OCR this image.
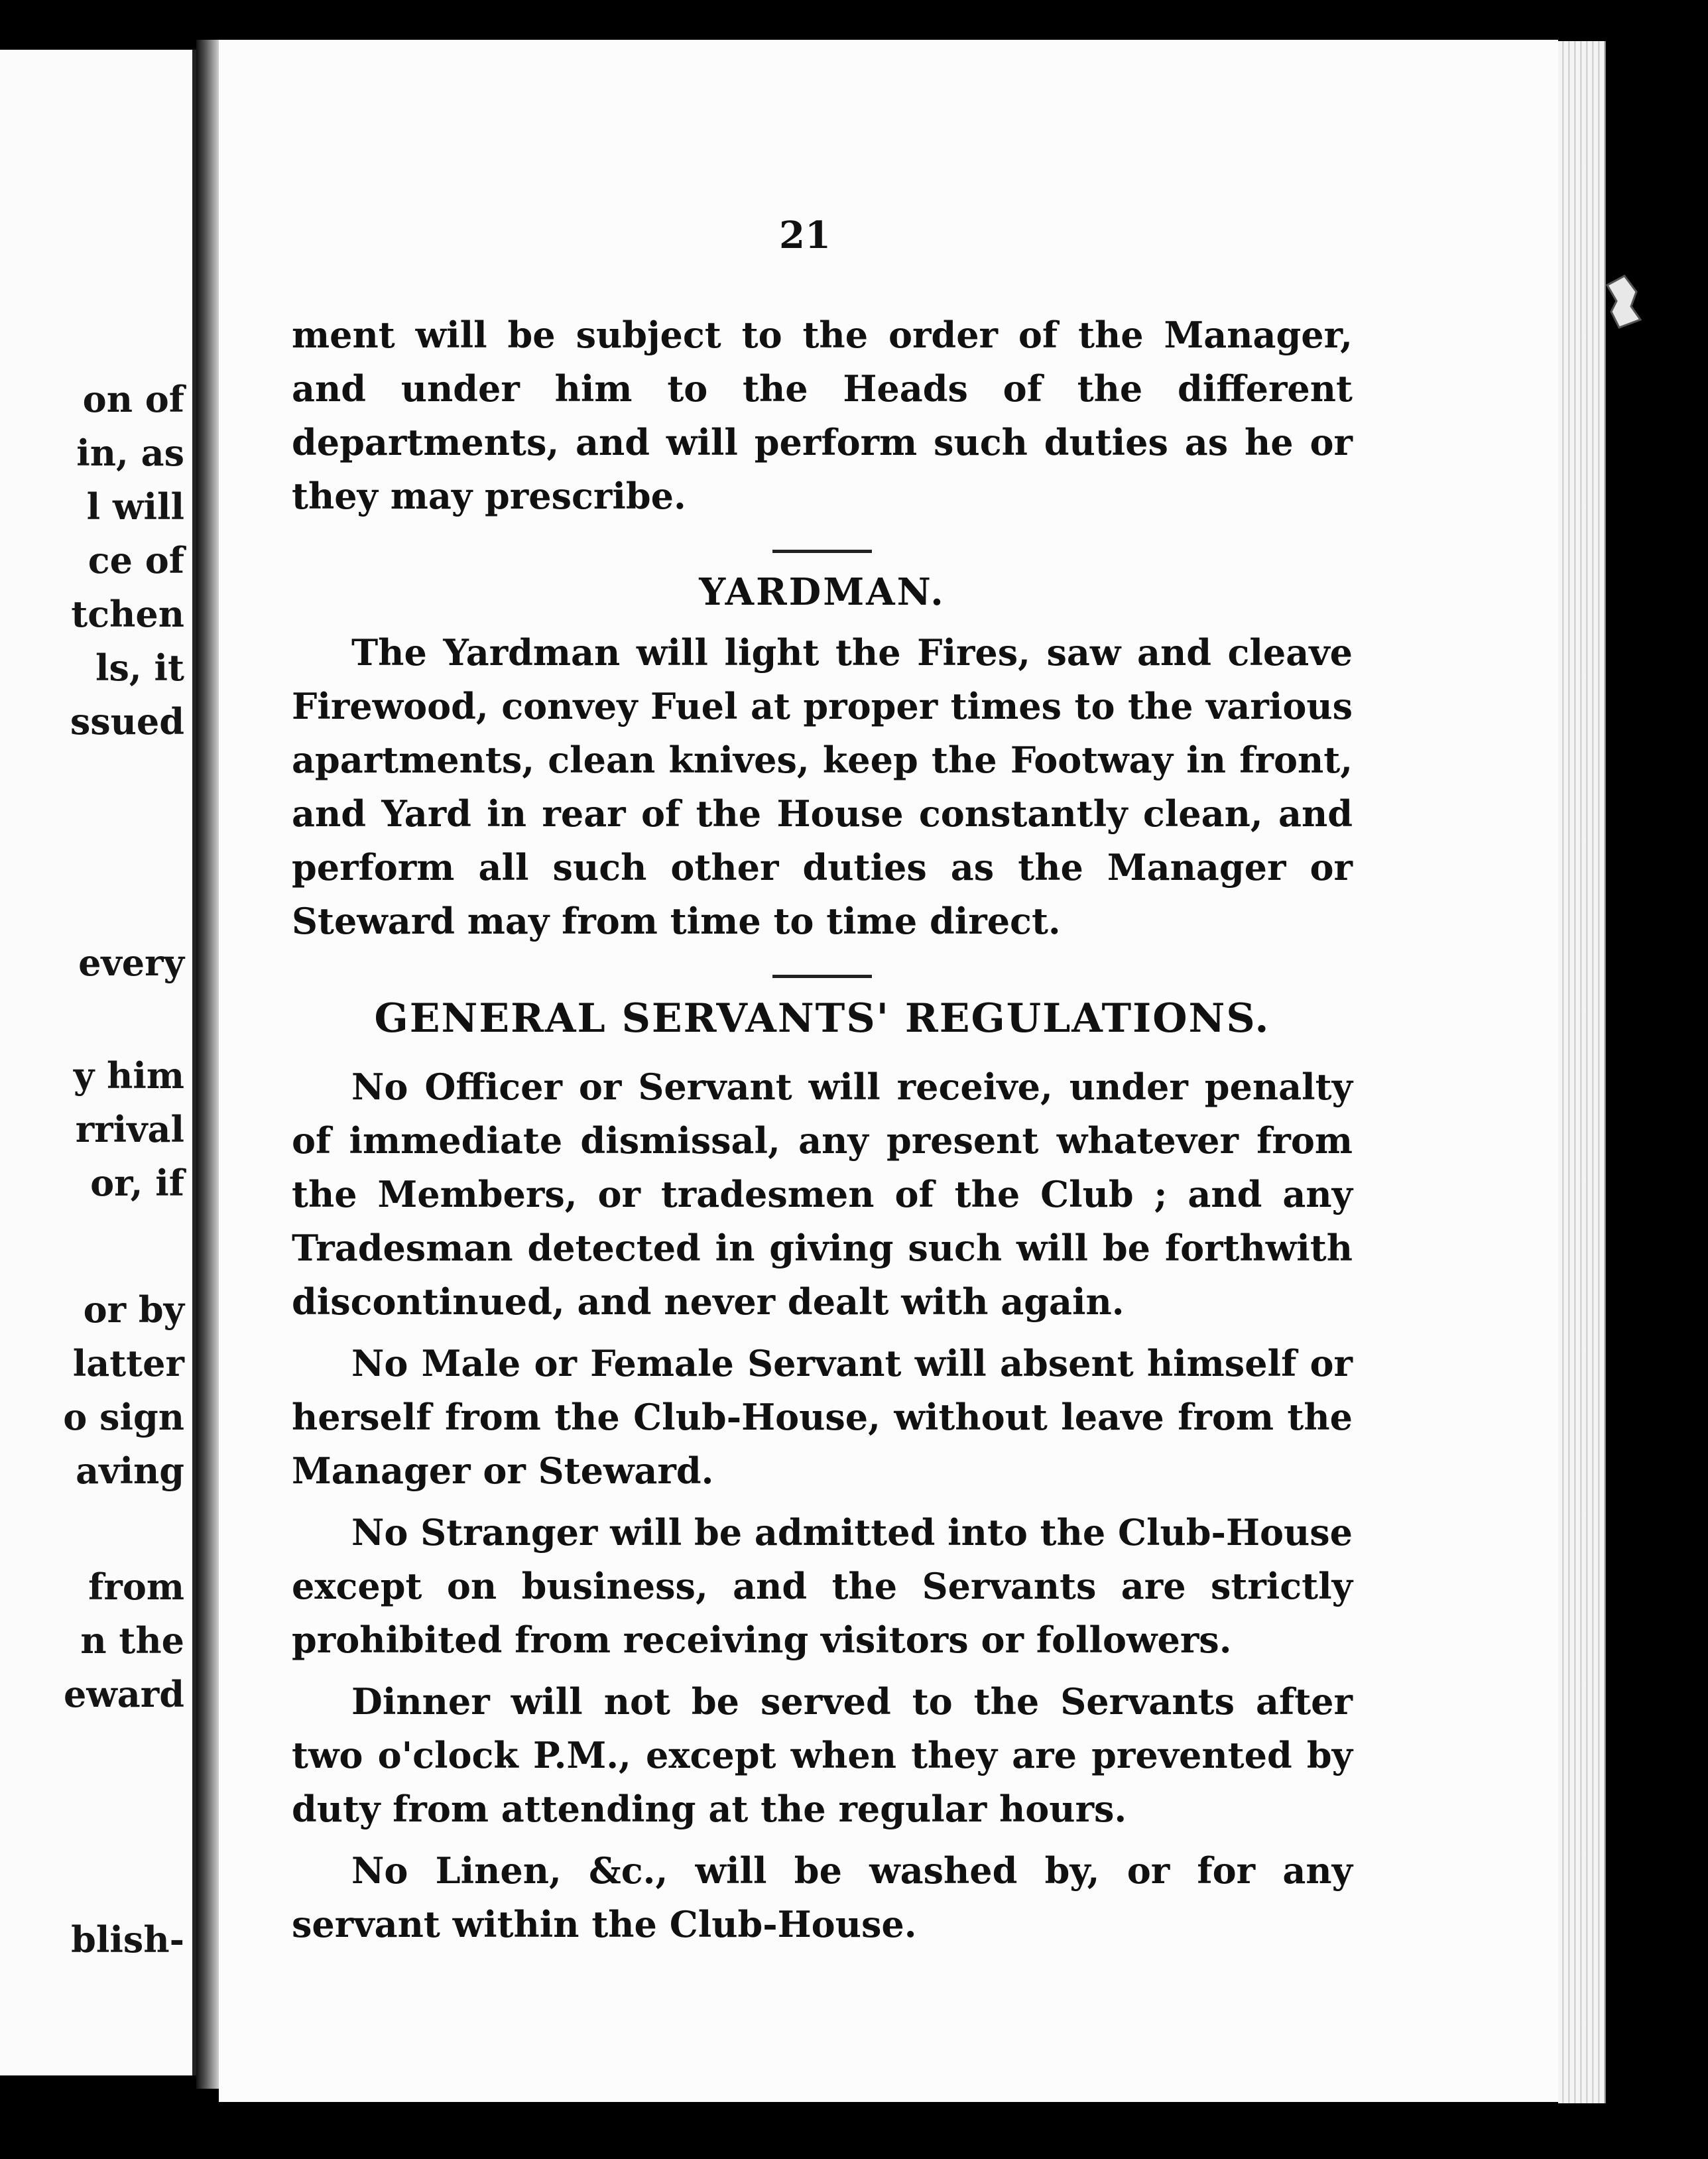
on of
in, as
l will
ce of
tchen
ls, it
ssued
every
y him
rrival
or, if
or by
latter
o sign
aving
from
n the
eward
blish-
21

ment will be subject to the order of the Manager, and under him to the Heads of the different departments, and will perform such duties as he or they may prescribe.

YARDMAN.

The Yardman will light the Fires, saw and cleave Firewood, convey Fuel at proper times to the various apartments, clean knives, keep the Footway in front, and Yard in rear of the House constantly clean, and perform all such other duties as the Manager or Steward may from time to time direct.

GENERAL SERVANTS' REGULATIONS.

No Officer or Servant will receive, under penalty of immediate dismissal, any present whatever from the Members, or tradesmen of the Club ; and any Tradesman detected in giving such will be forthwith discontinued, and never dealt with again.

No Male or Female Servant will absent himself or herself from the Club-House, without leave from the Manager or Steward.

No Stranger will be admitted into the Club-House except on business, and the Servants are strictly prohibited from receiving visitors or followers.

Dinner will not be served to the Servants after two o'clock P.M., except when they are prevented by duty from attending at the regular hours.

No Linen, &c., will be washed by, or for any servant within the Club-House.
